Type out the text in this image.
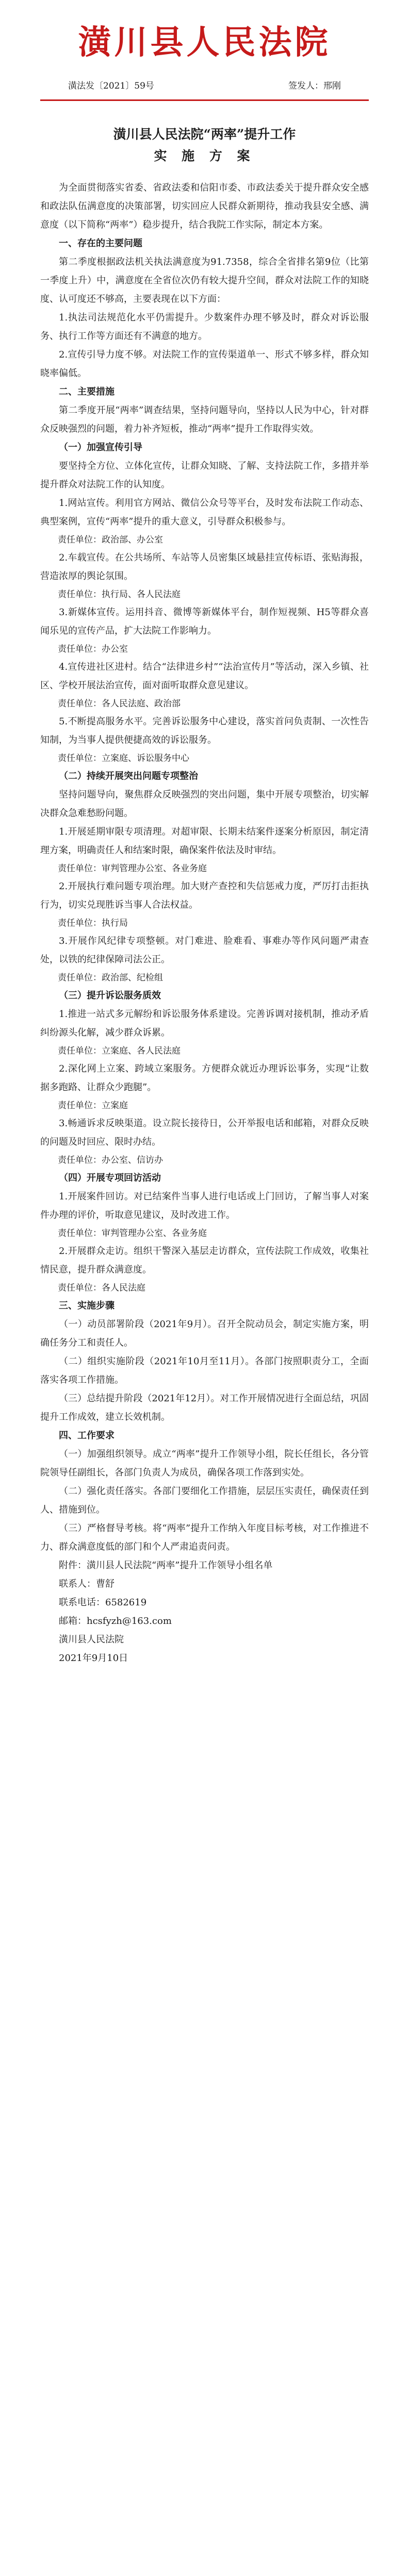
潢川县人民法院
潢法发〔2021〕59号	签发人：邢刚
潢川县人民法院“两率”提升工作
实 施 方 案

为全面贯彻落实省委、省政法委和信阳市委、市政法委关于提升群众安全感和政法队伍满意度的决策部署，切实回应人民群众新期待，推动我县安全感、满意度（以下简称“两率”）稳步提升，结合我院工作实际，制定本方案。

一、存在的主要问题

第二季度根据政法机关执法满意度为91.7358，综合全省排名第9位（比第一季度上升）中，满意度在全省位次仍有较大提升空间，群众对法院工作的知晓度、认可度还不够高，主要表现在以下方面：

1.执法司法规范化水平仍需提升。少数案件办理不够及时，群众对诉讼服务、执行工作等方面还有不满意的地方。

2.宣传引导力度不够。对法院工作的宣传渠道单一、形式不够多样，群众知晓率偏低。

二、主要措施

第二季度开展“两率”调查结果，坚持问题导向，坚持以人民为中心，针对群众反映强烈的问题，着力补齐短板，推动“两率”提升工作取得实效。

（一）加强宣传引导

要坚持全方位、立体化宣传，让群众知晓、了解、支持法院工作，多措并举提升群众对法院工作的认知度。

1.网站宣传。利用官方网站、微信公众号等平台，及时发布法院工作动态、典型案例，宣传“两率”提升的重大意义，引导群众积极参与。

责任单位：政治部、办公室

2.车载宣传。在公共场所、车站等人员密集区域悬挂宣传标语、张贴海报，营造浓厚的舆论氛围。

责任单位：执行局、各人民法庭

3.新媒体宣传。运用抖音、微博等新媒体平台，制作短视频、H5等群众喜闻乐见的宣传产品，扩大法院工作影响力。

责任单位：办公室

4.宣传进社区进村。结合“法律进乡村”“法治宣传月”等活动，深入乡镇、社区、学校开展法治宣传，面对面听取群众意见建议。

责任单位：各人民法庭、政治部

5.不断提高服务水平。完善诉讼服务中心建设，落实首问负责制、一次性告知制，为当事人提供便捷高效的诉讼服务。

责任单位：立案庭、诉讼服务中心

（二）持续开展突出问题专项整治

坚持问题导向，聚焦群众反映强烈的突出问题，集中开展专项整治，切实解决群众急难愁盼问题。

1.开展延期审限专项清理。对超审限、长期未结案件逐案分析原因，制定清理方案，明确责任人和结案时限，确保案件依法及时审结。

责任单位：审判管理办公室、各业务庭

2.开展执行难问题专项治理。加大财产查控和失信惩戒力度，严厉打击拒执行为，切实兑现胜诉当事人合法权益。

责任单位：执行局

3.开展作风纪律专项整顿。对门难进、脸难看、事难办等作风问题严肃查处，以铁的纪律保障司法公正。

责任单位：政治部、纪检组

（三）提升诉讼服务质效

1.推进一站式多元解纷和诉讼服务体系建设。完善诉调对接机制，推动矛盾纠纷源头化解，减少群众诉累。

责任单位：立案庭、各人民法庭

2.深化网上立案、跨域立案服务。方便群众就近办理诉讼事务，实现“让数据多跑路、让群众少跑腿”。

责任单位：立案庭

3.畅通诉求反映渠道。设立院长接待日，公开举报电话和邮箱，对群众反映的问题及时回应、限时办结。

责任单位：办公室、信访办

（四）开展专项回访活动

1.开展案件回访。对已结案件当事人进行电话或上门回访，了解当事人对案件办理的评价，听取意见建议，及时改进工作。

责任单位：审判管理办公室、各业务庭

2.开展群众走访。组织干警深入基层走访群众，宣传法院工作成效，收集社情民意，提升群众满意度。

责任单位：各人民法庭

三、实施步骤

（一）动员部署阶段（2021年9月）。召开全院动员会，制定实施方案，明确任务分工和责任人。

（二）组织实施阶段（2021年10月至11月）。各部门按照职责分工，全面落实各项工作措施。

（三）总结提升阶段（2021年12月）。对工作开展情况进行全面总结，巩固提升工作成效，建立长效机制。

四、工作要求

（一）加强组织领导。成立“两率”提升工作领导小组，院长任组长，各分管院领导任副组长，各部门负责人为成员，确保各项工作落到实处。

（二）强化责任落实。各部门要细化工作措施，层层压实责任，确保责任到人、措施到位。

（三）严格督导考核。将“两率”提升工作纳入年度目标考核，对工作推进不力、群众满意度低的部门和个人严肃追责问责。

附件：潢川县人民法院“两率”提升工作领导小组名单

联系人：曹舒

联系电话：6582619

邮箱：hcsfyzh@163.com

潢川县人民法院

2021年9月10日
